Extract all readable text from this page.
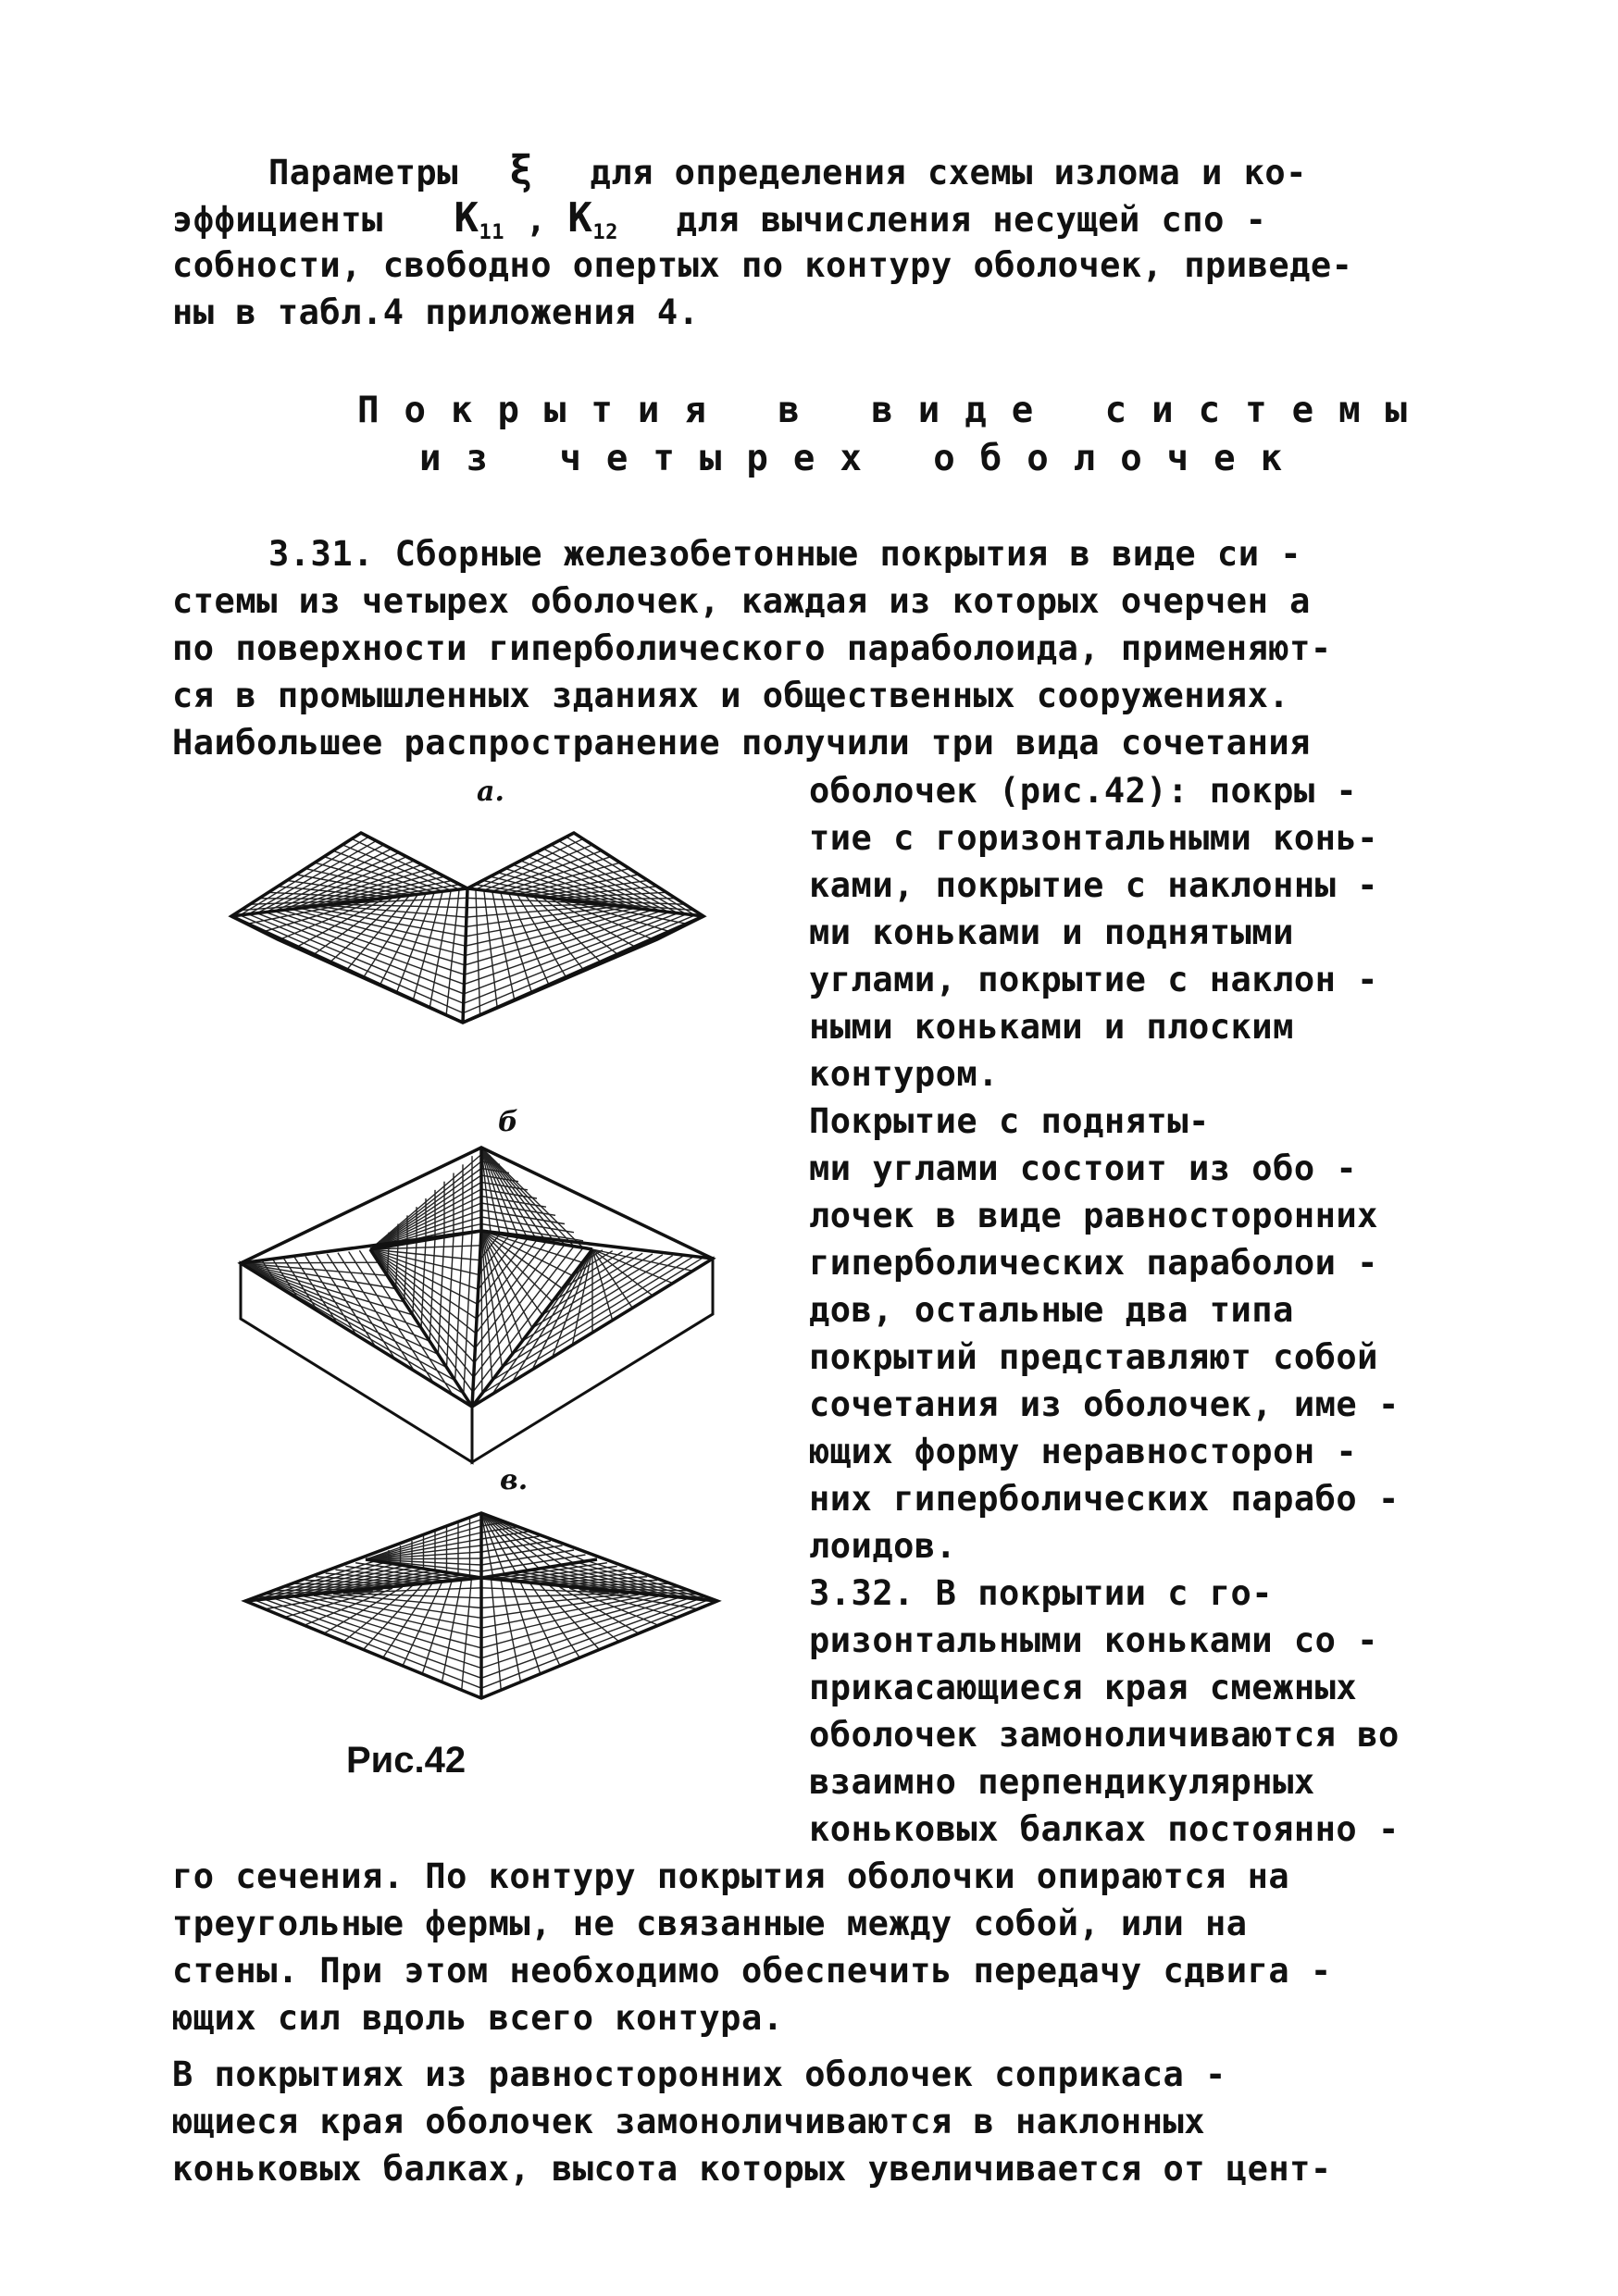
Параметры ξ для определения схемы излома и ко-
эффициенты $К_{11}$ , $К_{12}$ для вычисления несущей спо -
собности, свободно опертых по контуру оболочек, приведе-
ны в табл.4 приложения 4.
Покрытия в виде системы
из четырех оболочек
3.31. Сборные железобетонные покрытия в виде си -
стемы из четырех оболочек, каждая из которых очерчен а
по поверхности гиперболического параболоида, применяют-
ся в промышленных зданиях и общественных сооружениях.
Наибольшее распространение получили три вида сочетания
оболочек (рис.42): покры -
тие с горизонтальными конь-
ками, покрытие с наклонны -
ми коньками и поднятыми
углами, покрытие с наклон -
ными коньками и плоским
контуром.
Покрытие с подняты-
ми углами состоит из обо -
лочек в виде равносторонних
гиперболических параболои -
дов, остальные два типа
покрытий представляют собой
сочетания из оболочек, име -
ющих форму неравносторон -
них гиперболических парабо -
лоидов.
3.32. В покрытии с го-
ризонтальными коньками со -
прикасающиеся края смежных
оболочек замоноличиваются во
взаимно перпендикулярных
коньковых балках постоянно -
а.
б
в.
Рис.42
го сечения. По контуру покрытия оболочки опираются на
треугольные фермы, не связанные между собой, или на
стены. При этом необходимо обеспечить передачу сдвига -
ющих сил вдоль всего контура.
В покрытиях из равносторонних оболочек соприкаса -
ющиеся края оболочек замоноличиваются в наклонных
коньковых балках, высота которых увеличивается от цент-
